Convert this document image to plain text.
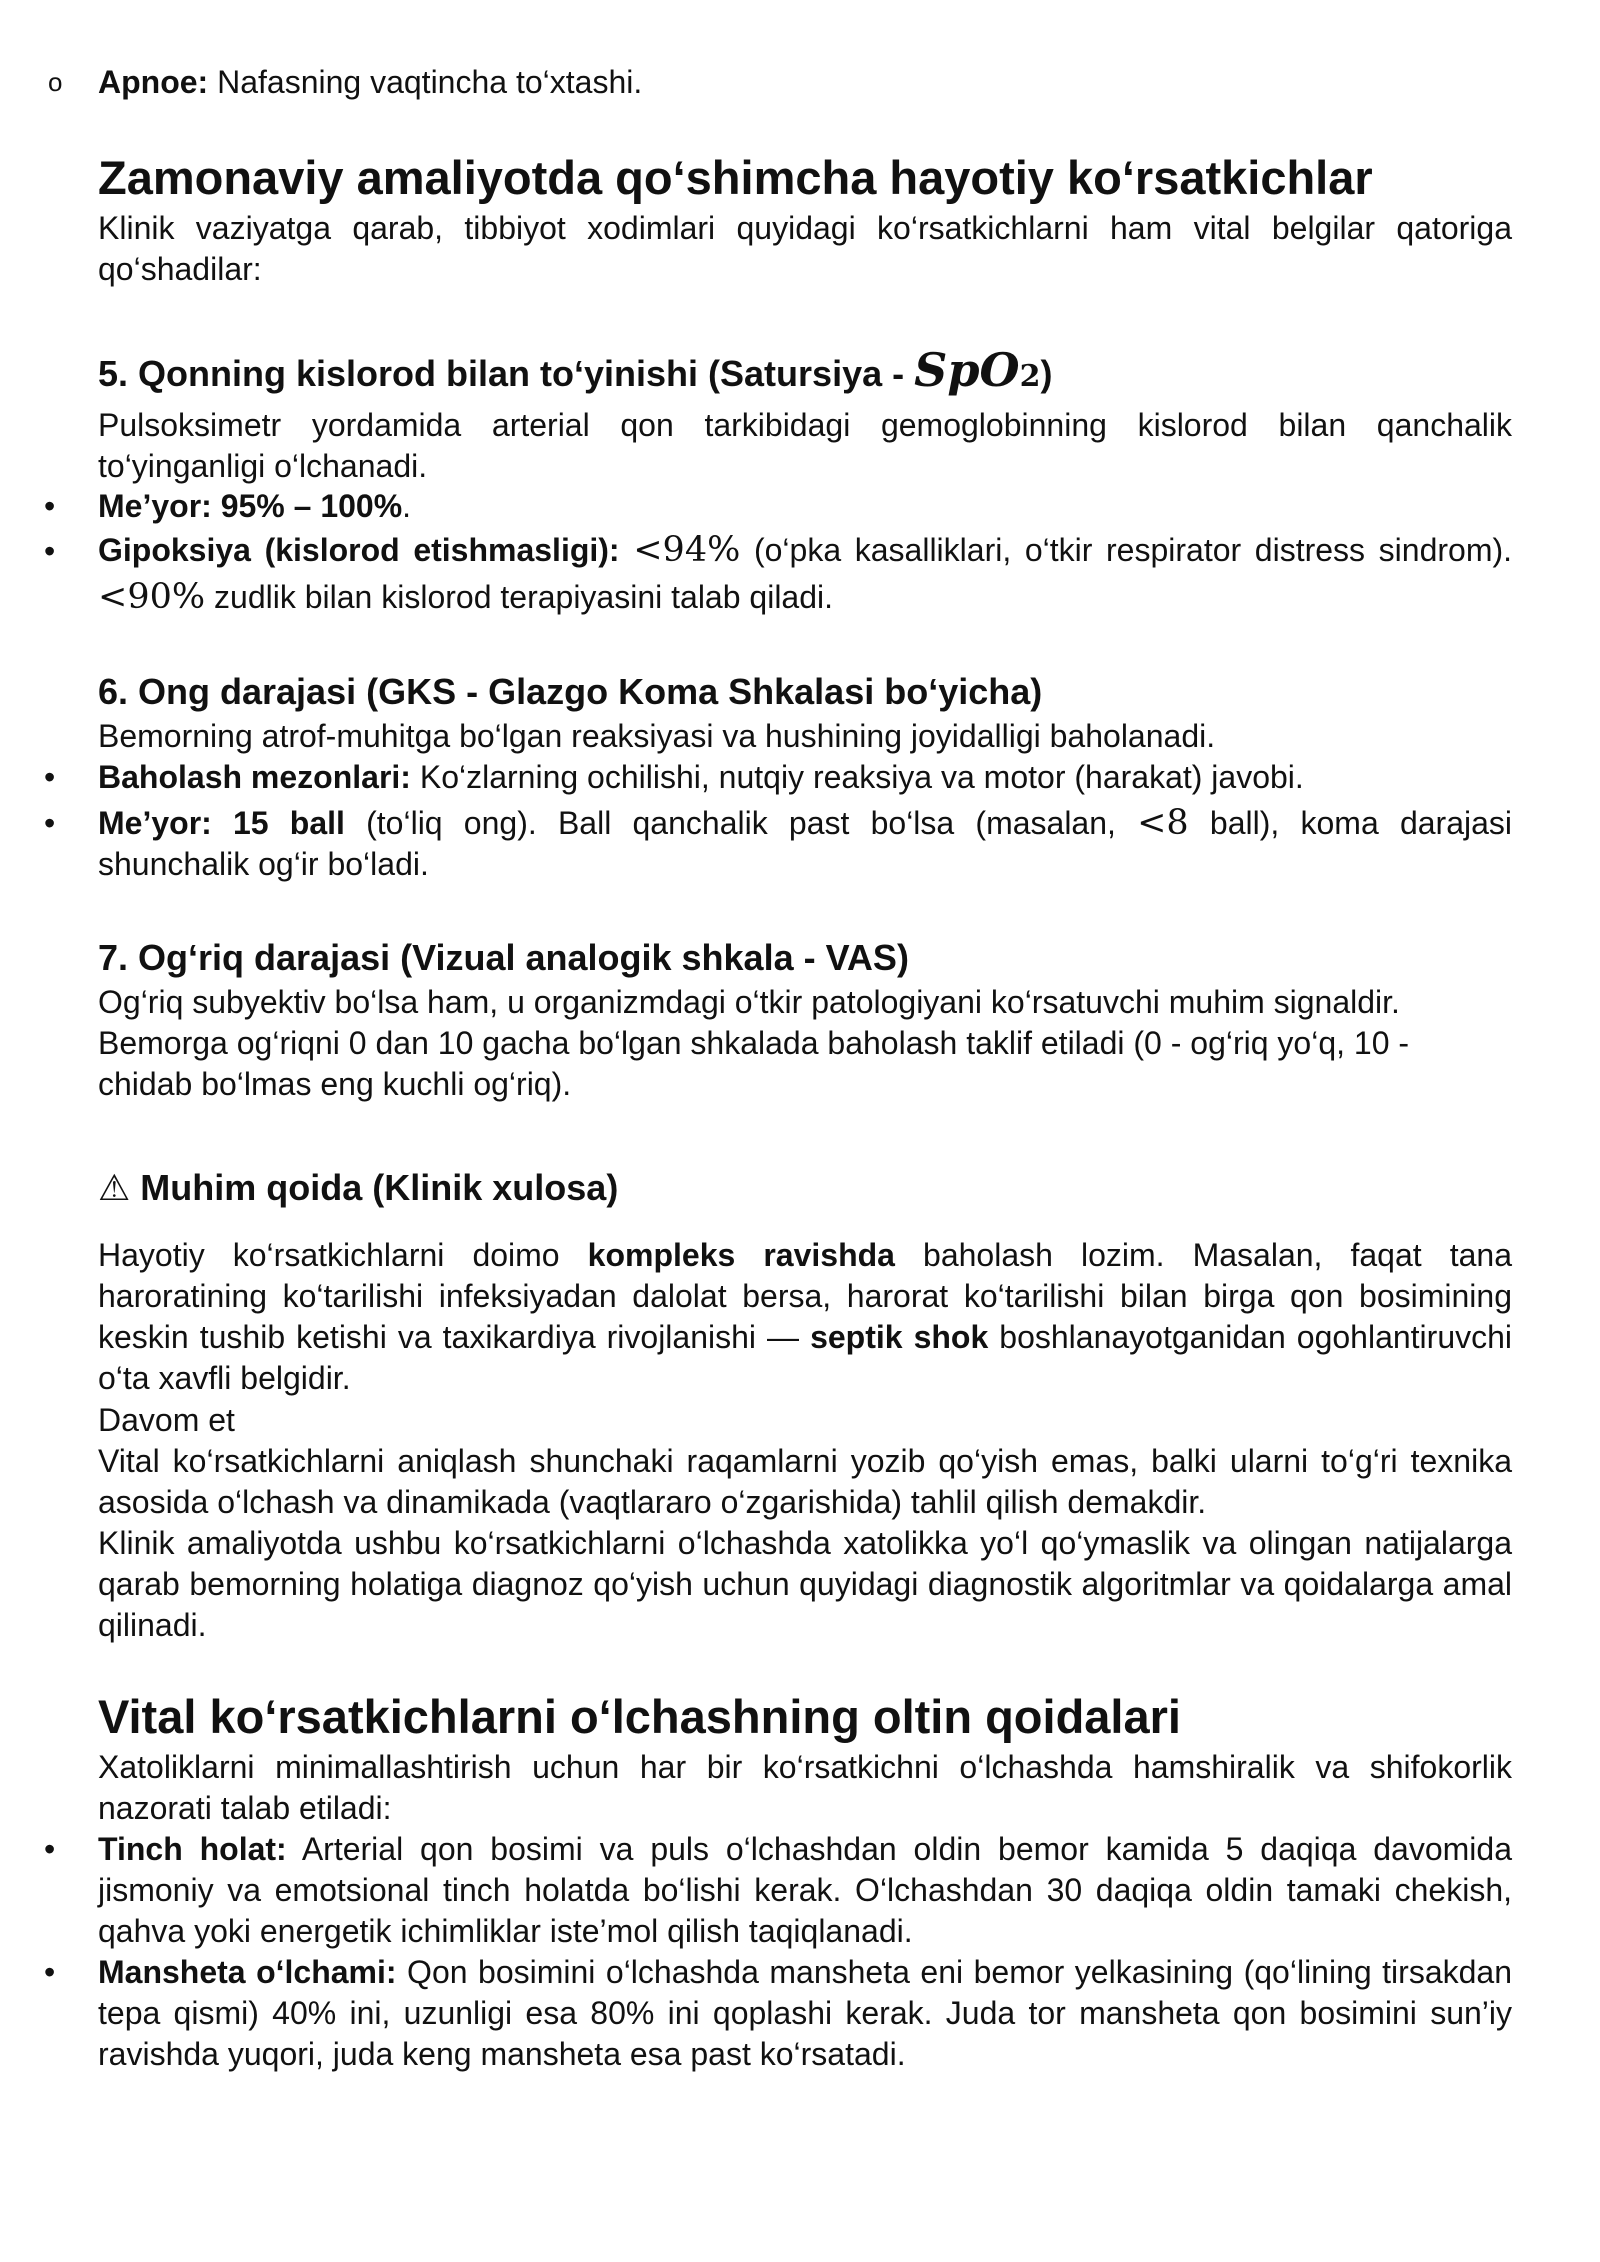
o Apnoe: Nafasning vaqtincha to‘xtashi.

Zamonaviy amaliyotda qo‘shimcha hayotiy ko‘rsatkichlar

Klinik vaziyatga qarab, tibbiyot xodimlari quyidagi ko‘rsatkichlarni ham vital belgilar qatoriga qo‘shadilar:

5. Qonning kislorod bilan to‘yinishi (Satursiya - SpO2)

Pulsoksimetr yordamida arterial qon tarkibidagi gemoglobinning kislorod bilan qanchalik to‘yinganligi o‘lchanadi.

• Me’yor: 95% – 100%.

• Gipoksiya (kislorod etishmasligi): <94% (o‘pka kasalliklari, o‘tkir respirator distress sindrom). <90% zudlik bilan kislorod terapiyasini talab qiladi.

6. Ong darajasi (GKS - Glazgo Koma Shkalasi bo‘yicha)

Bemorning atrof-muhitga bo‘lgan reaksiyasi va hushining joyidalligi baholanadi.

• Baholash mezonlari: Ko‘zlarning ochilishi, nutqiy reaksiya va motor (harakat) javobi.

• Me’yor: 15 ball (to‘liq ong). Ball qanchalik past bo‘lsa (masalan, <8 ball), koma darajasi shunchalik og‘ir bo‘ladi.

7. Og‘riq darajasi (Vizual analogik shkala - VAS)

Og‘riq subyektiv bo‘lsa ham, u organizmdagi o‘tkir patologiyani ko‘rsatuvchi muhim signaldir. Bemorga og‘riqni 0 dan 10 gacha bo‘lgan shkalada baholash taklif etiladi (0 - og‘riq yo‘q, 10 - chidab bo‘lmas eng kuchli og‘riq).

⚠ Muhim qoida (Klinik xulosa)

Hayotiy ko‘rsatkichlarni doimo kompleks ravishda baholash lozim. Masalan, faqat tana haroratining ko‘tarilishi infeksiyadan dalolat bersa, harorat ko‘tarilishi bilan birga qon bosimining keskin tushib ketishi va taxikardiya rivojlanishi — septik shok boshlanayotganidan ogohlantiruvchi o‘ta xavfli belgidir.

Davom et

Vital ko‘rsatkichlarni aniqlash shunchaki raqamlarni yozib qo‘yish emas, balki ularni to‘g‘ri texnika asosida o‘lchash va dinamikada (vaqtlararo o‘zgarishida) tahlil qilish demakdir.

Klinik amaliyotda ushbu ko‘rsatkichlarni o‘lchashda xatolikka yo‘l qo‘ymaslik va olingan natijalarga qarab bemorning holatiga diagnoz qo‘yish uchun quyidagi diagnostik algoritmlar va qoidalarga amal qilinadi.

Vital ko‘rsatkichlarni o‘lchashning oltin qoidalari

Xatoliklarni minimallashtirish uchun har bir ko‘rsatkichni o‘lchashda hamshiralik va shifokorlik nazorati talab etiladi:

• Tinch holat: Arterial qon bosimi va puls o‘lchashdan oldin bemor kamida 5 daqiqa davomida jismoniy va emotsional tinch holatda bo‘lishi kerak. O‘lchashdan 30 daqiqa oldin tamaki chekish, qahva yoki energetik ichimliklar iste’mol qilish taqiqlanadi.

• Mansheta o‘lchami: Qon bosimini o‘lchashda mansheta eni bemor yelkasining (qo‘lining tirsakdan tepa qismi) 40% ini, uzunligi esa 80% ini qoplashi kerak. Juda tor mansheta qon bosimini sun’iy ravishda yuqori, juda keng mansheta esa past ko‘rsatadi.
